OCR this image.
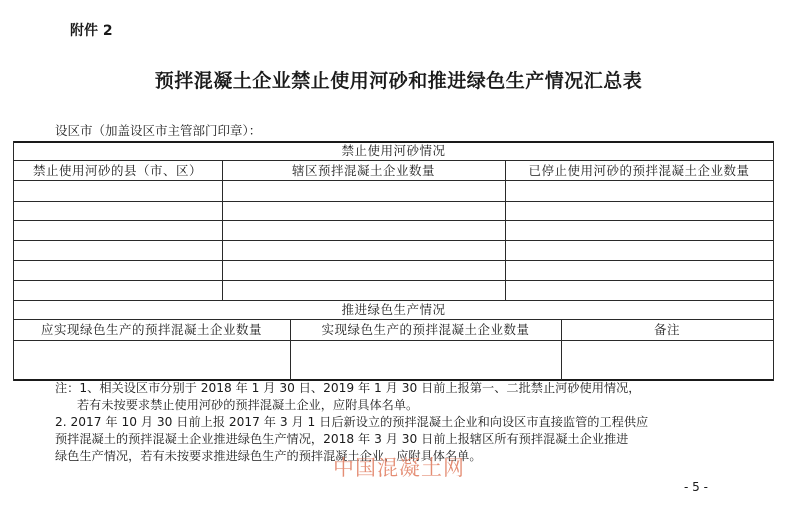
附件 2
预拌混凝土企业禁止使用河砂和推进绿色生产情况汇总表
设区市（加盖设区市主管部门印章）：
禁止使用河砂情况
禁止使用河砂的县（市、区）	辖区预拌混凝土企业数量	已停止使用河砂的预拌混凝土企业数量
推进绿色生产情况
应实现绿色生产的预拌混凝土企业数量	实现绿色生产的预拌混凝土企业数量	备注
注：1、相关设区市分别于 2018 年 1 月 30 日、2019 年 1 月 30 日前上报第一、二批禁止河砂使用情况，
若有未按要求禁止使用河砂的预拌混凝土企业，应附具体名单。
2. 2017 年 10 月 30 日前上报 2017 年 3 月 1 日后新设立的预拌混凝土企业和向设区市直接监管的工程供应
预拌混凝土的预拌混凝土企业推进绿色生产情况，2018 年 3 月 30 日前上报辖区所有预拌混凝土企业推进
绿色生产情况，若有未按要求推进绿色生产的预拌混凝土企业，应附具体名单。
中国混凝土网
- 5 -
